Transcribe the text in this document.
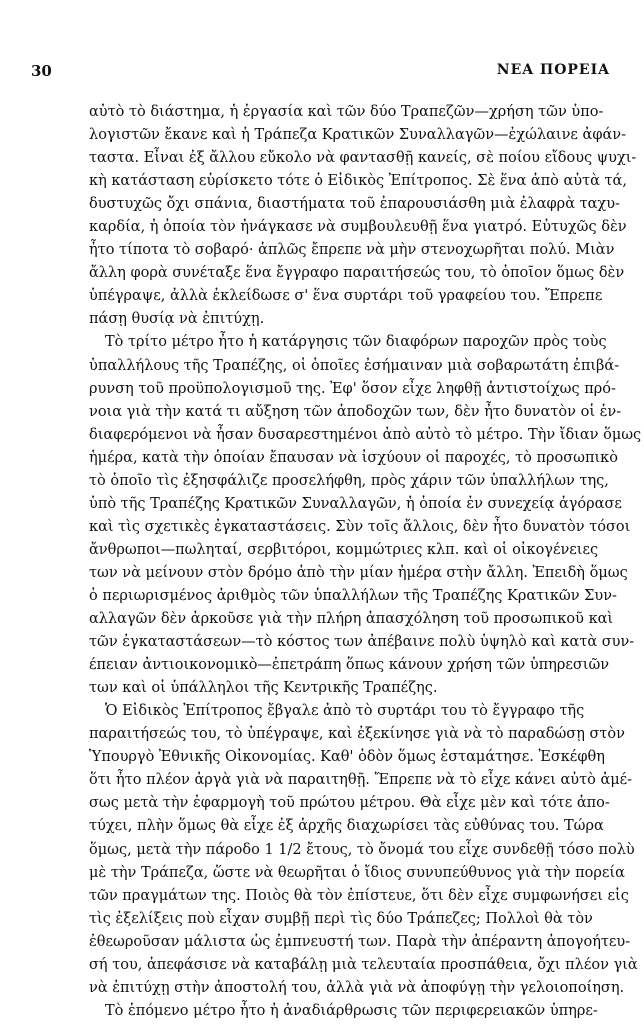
30	ΝΕΑ ΠΟΡΕΙΑ
αὐτὸ τὸ διάστημα, ἡ ἐργασία καὶ τῶν δύο Τραπεζῶν—χρήση τῶν ὑπο-
λογιστῶν ἔκανε καὶ ἡ Τράπεζα Κρατικῶν Συναλλαγῶν—ἐχώλαινε ἀφάν-
ταστα. Εἶναι ἐξ ἄλλου εὔκολο νὰ φαντασθῇ κανείς, σὲ ποίου εἴδους ψυχι-
κὴ κατάσταση εὑρίσκετο τότε ὁ Εἰδικὸς Ἐπίτροπος. Σὲ ἕνα ἀπὸ αὐτὰ τά,
δυστυχῶς ὄχι σπάνια, διαστήματα τοῦ ἐπαρουσιάσθη μιὰ ἐλαφρὰ ταχυ-
καρδία, ἡ ὁποία τὸν ἠνάγκασε νὰ συμβουλευθῇ ἕνα γιατρό. Εὐτυχῶς δὲν
ἦτο τίποτα τὸ σοβαρό· ἁπλῶς ἔπρεπε νὰ μὴν στενοχωρῆται πολύ. Μιὰν
ἄλλη φορὰ συνέταξε ἕνα ἔγγραφο παραιτήσεώς του, τὸ ὁποῖον ὅμως δὲν
ὑπέγραψε, ἀλλὰ ἐκλείδωσε σ' ἕνα συρτάρι τοῦ γραφείου του. Ἔπρεπε
πάσῃ θυσίᾳ νὰ ἐπιτύχῃ.
Τὸ τρίτο μέτρο ἦτο ἡ κατάργησις τῶν διαφόρων παροχῶν πρὸς τοὺς
ὑπαλλήλους τῆς Τραπέζης, οἱ ὁποῖες ἐσήμαιναν μιὰ σοβαρωτάτη ἐπιβά-
ρυνση τοῦ προϋπολογισμοῦ της. Ἐφ' ὅσον εἶχε ληφθῇ ἀντιστοίχως πρό-
νοια γιὰ τὴν κατά τι αὔξηση τῶν ἀποδοχῶν των, δὲν ἦτο δυνατὸν οἱ ἐν-
διαφερόμενοι νὰ ἦσαν δυσαρεστημένοι ἀπὸ αὐτὸ τὸ μέτρο. Τὴν ἴδιαν ὅμως
ἡμέρα, κατὰ τὴν ὁποίαν ἔπαυσαν νὰ ἰσχύουν οἱ παροχές, τὸ προσωπικὸ
τὸ ὁποῖο τὶς ἐξησφάλιζε προσελήφθη, πρὸς χάριν τῶν ὑπαλλήλων της,
ὑπὸ τῆς Τραπέζης Κρατικῶν Συναλλαγῶν, ἡ ὁποία ἐν συνεχείᾳ ἀγόρασε
καὶ τὶς σχετικὲς ἐγκαταστάσεις. Σὺν τοῖς ἄλλοις, δὲν ἦτο δυνατὸν τόσοι
ἄνθρωποι—πωληταί, σερβιτόροι, κομμώτριες κλπ. καὶ οἱ οἰκογένειες
των νὰ μείνουν στὸν δρόμο ἀπὸ τὴν μίαν ἡμέρα στὴν ἄλλη. Ἐπειδὴ ὅμως
ὁ περιωρισμένος ἀριθμὸς τῶν ὑπαλλήλων τῆς Τραπέζης Κρατικῶν Συν-
αλλαγῶν δὲν ἀρκοῦσε γιὰ τὴν πλήρη ἀπασχόληση τοῦ προσωπικοῦ καὶ
τῶν ἐγκαταστάσεων—τὸ κόστος των ἀπέβαινε πολὺ ὑψηλὸ καὶ κατὰ συν-
έπειαν ἀντιοικονομικὸ—ἐπετράπη ὅπως κάνουν χρήση τῶν ὑπηρεσιῶν
των καὶ οἱ ὑπάλληλοι τῆς Κεντρικῆς Τραπέζης.
Ὁ Εἰδικὸς Ἐπίτροπος ἔβγαλε ἀπὸ τὸ συρτάρι του τὸ ἔγγραφο τῆς
παραιτήσεώς του, τὸ ὑπέγραψε, καὶ ἐξεκίνησε γιὰ νὰ τὸ παραδώσῃ στὸν
Ὑπουργὸ Ἐθνικῆς Οἰκονομίας. Καθ' ὁδὸν ὅμως ἐσταμάτησε. Ἐσκέφθη
ὅτι ἦτο πλέον ἀργὰ γιὰ νὰ παραιτηθῇ. Ἔπρεπε νὰ τὸ εἶχε κάνει αὐτὸ ἀμέ-
σως μετὰ τὴν ἐφαρμογὴ τοῦ πρώτου μέτρου. Θὰ εἶχε μὲν καὶ τότε ἀπο-
τύχει, πλὴν ὅμως θὰ εἶχε ἐξ ἀρχῆς διαχωρίσει τὰς εὐθύνας του. Τώρα
ὅμως, μετὰ τὴν πάροδο 1 1/2 ἔτους, τὸ ὄνομά του εἶχε συνδεθῇ τόσο πολὺ
μὲ τὴν Τράπεζα, ὥστε νὰ θεωρῆται ὁ ἴδιος συνυπεύθυνος γιὰ τὴν πορεία
τῶν πραγμάτων της. Ποιὸς θὰ τὸν ἐπίστευε, ὅτι δὲν εἶχε συμφωνήσει εἰς
τὶς ἐξελίξεις ποὺ εἶχαν συμβῇ περὶ τὶς δύο Τράπεζες; Πολλοὶ θὰ τὸν
ἐθεωροῦσαν μάλιστα ὡς ἐμπνευστή των. Παρὰ τὴν ἀπέραντη ἀπογοήτευ-
σή του, ἀπεφάσισε νὰ καταβάλῃ μιὰ τελευταία προσπάθεια, ὄχι πλέον γιὰ
νὰ ἐπιτύχῃ στὴν ἀποστολή του, ἀλλὰ γιὰ νὰ ἀποφύγῃ τὴν γελοιοποίηση.
Τὸ ἑπόμενο μέτρο ἦτο ἡ ἀναδιάρθρωσις τῶν περιφερειακῶν ὑπηρε-
